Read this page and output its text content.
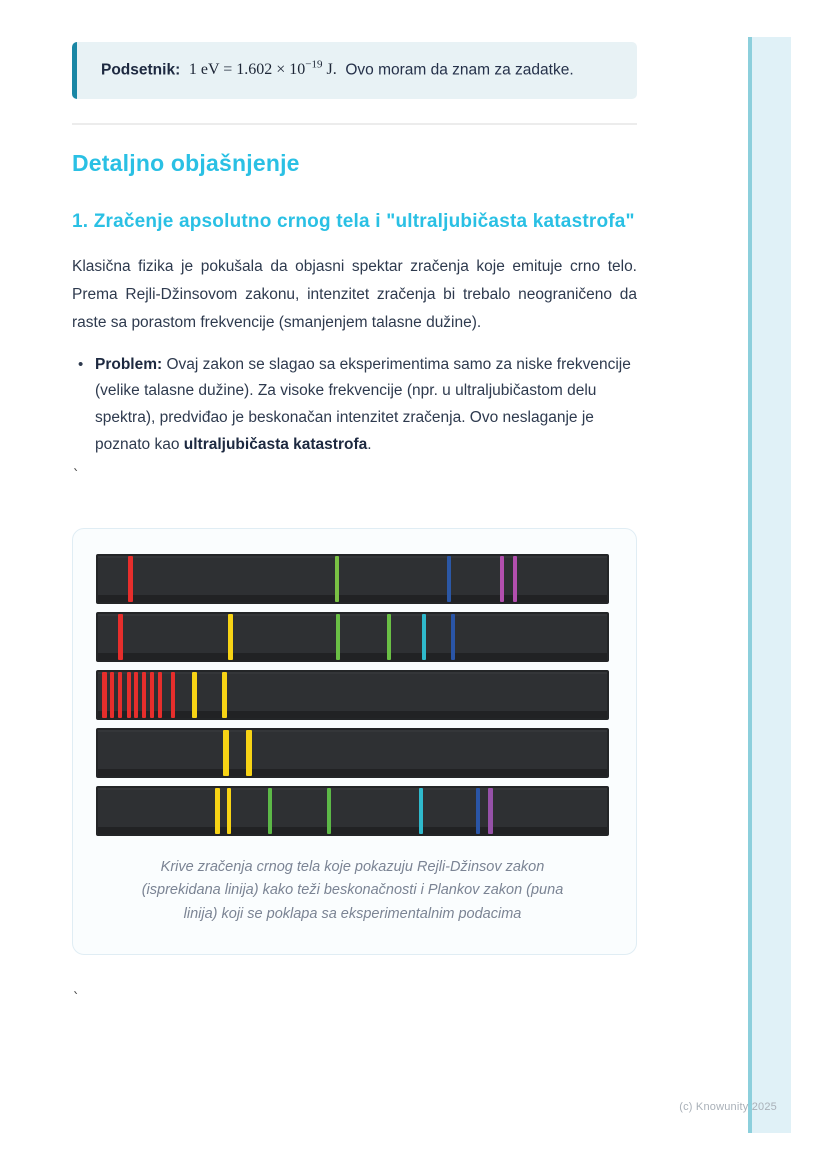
Podsetnik: 1 eV = $1.602 \times 10^{-19}$ J. Ovo moram da znam za zadatke.

Detaljno objašnjenje
1. Zračenje apsolutno crnog tela i "ultraljubičasta katastrofa"

Klasična fizika je pokušala da objasni spektar zračenja koje emituje crno telo. Prema Rejli-Džinsovom zakonu, intenzitet zračenja bi trebalo neograničeno da raste sa porastom frekvencije (smanjenjem talasne dužine).

• Problem: Ovaj zakon se slagao sa eksperimentima samo za niske frekvencije (velike talasne dužine). Za visoke frekvencije (npr. u ultraljubičastom delu spektra), predviđao je beskonačan intenzitet zračenja. Ovo neslaganje je poznato kao ultraljubičasta katastrofa.
`
Krive zračenja crnog tela koje pokazuju Rejli-Džinsov zakon (isprekidana linija) kako teži beskonačnosti i Plankov zakon (puna linija) koji se poklapa sa eksperimentalnim podacima
`
(c) Knowunity 2025
